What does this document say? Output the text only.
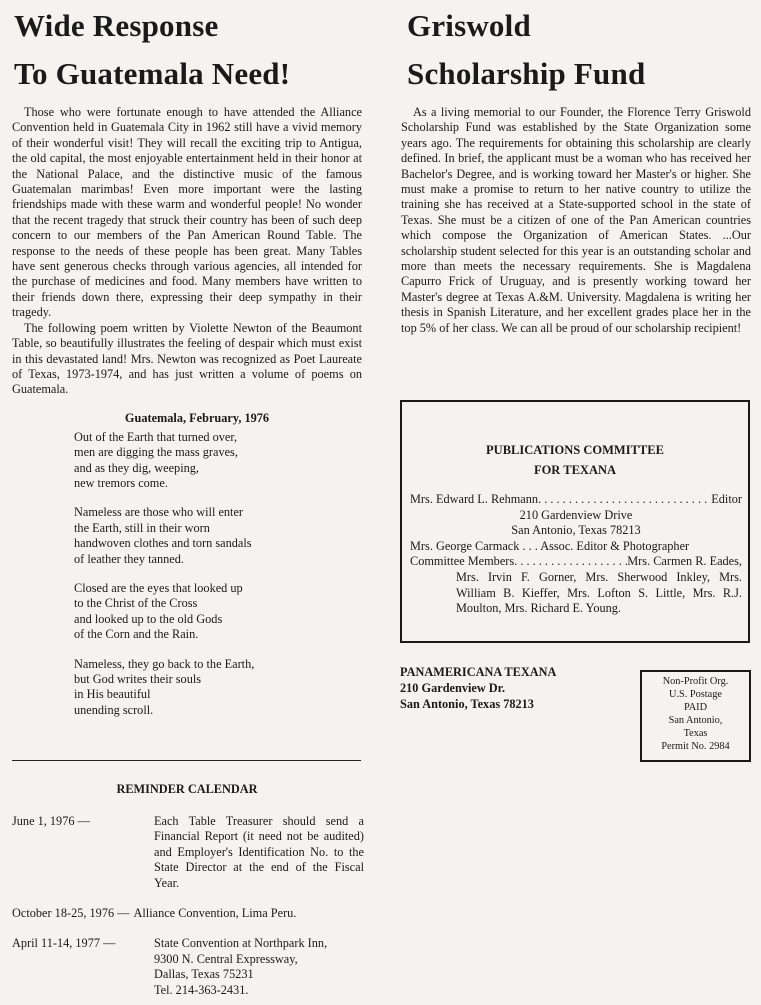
Wide Response
To Guatemala Need!

Those who were fortunate enough to have attended the Alliance Convention held in Guatemala City in 1962 still have a vivid memory of their wonderful visit! They will recall the exciting trip to Antigua, the old capital, the most enjoyable entertainment held in their honor at the National Palace, and the distinctive music of the famous Guatemalan marimbas! Even more important were the lasting friendships made with these warm and wonderful people! No wonder that the recent tragedy that struck their country has been of such deep concern to our members of the Pan American Round Table. The response to the needs of these people has been great. Many Tables have sent generous checks through various agencies, all intended for the purchase of medicines and food. Many members have written to their friends down there, expressing their deep sympathy in their tragedy.

The following poem written by Violette Newton of the Beaumont Table, so beautifully illustrates the feeling of despair which must exist in this devastated land! Mrs. Newton was recognized as Poet Laureate of Texas, 1973-1974, and has just written a volume of poems on Guatemala.

Guatemala, February, 1976
Out of the Earth that turned over,
men are digging the mass graves,
and as they dig, weeping,
new tremors come.
Nameless are those who will enter
the Earth, still in their worn
handwoven clothes and torn sandals
of leather they tanned.
Closed are the eyes that looked up
to the Christ of the Cross
and looked up to the old Gods
of the Corn and the Rain.
Nameless, they go back to the Earth,
but God writes their souls
in His beautiful
unending scroll.
REMINDER CALENDAR
June 1, 1976 —	Each Table Treasurer should send a Financial Report (it need not be audited) and Employer's Identification No. to the State Director at the end of the Fiscal Year.
October 18-25, 1976 — Alliance Convention, Lima Peru.
April 11-14, 1977 —	State Convention at Northpark Inn,
9300 N. Central Expressway,
Dallas, Texas 75231
Tel. 214-363-2431.
Griswold
Scholarship Fund

As a living memorial to our Founder, the Florence Terry Griswold Scholarship Fund was established by the State Organization some years ago. The requirements for obtaining this scholarship are clearly defined. In brief, the applicant must be a woman who has received her Bachelor's Degree, and is working toward her Master's or higher. She must make a promise to return to her native country to utilize the training she has received at a State-supported school in the state of Texas. She must be a citizen of one of the Pan American countries which compose the Organization of American States. ...Our scholarship student selected for this year is an outstanding scholar and more than meets the necessary requirements. She is Magdalena Capurro Frick of Uruguay, and is presently working toward her Master's degree at Texas A.&M. University. Magdalena is writing her thesis in Spanish Literature, and her excellent grades place her in the top 5% of her class. We can all be proud of our scholarship recipient!

PUBLICATIONS COMMITTEE
FOR TEXANA
Mrs. Edward L. Rehmann . . .	Editor
210 Gardenview Drive
San Antonio, Texas 78213
Mrs. George Carmack . . . Assoc. Editor & Photographer
Committee Members . . .	Mrs. Carmen R. Eades,
Mrs. Irvin F. Gorner, Mrs. Sherwood Inkley, Mrs. William B. Kieffer, Mrs. Lofton S. Little, Mrs. R.J. Moulton, Mrs. Richard E. Young.
PANAMERICANA TEXANA
210 Gardenview Dr.
San Antonio, Texas 78213
Non-Profit Org.
U.S. Postage
PAID
San Antonio,
Texas
Permit No. 2984
